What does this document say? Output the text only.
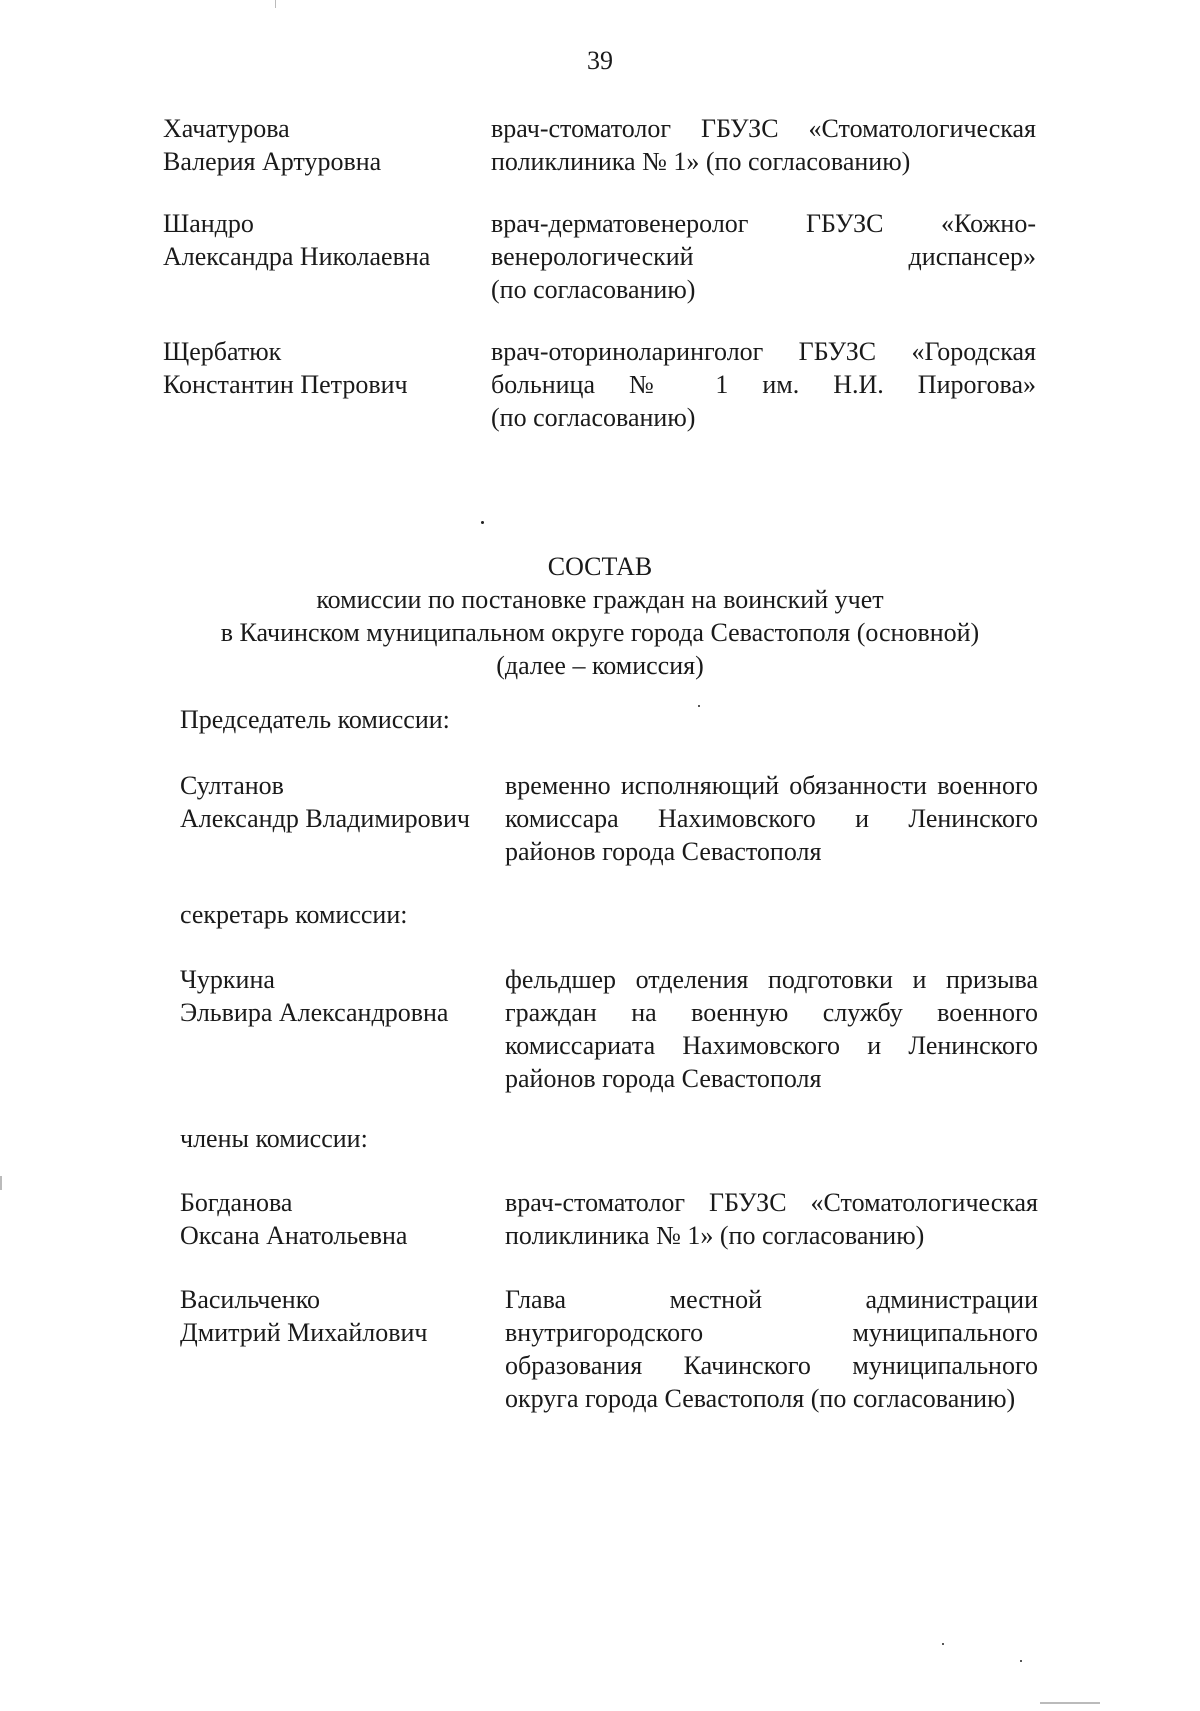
39
Хачатурова
Валерия Артуровна
врач-стоматолог ГБУЗС «Стоматологическая
поликлиника № 1» (по согласованию)
Шандро
Александра Николаевна
врач-дерматовенеролог ГБУЗС «Кожно-
венерологический диспансер»
(по согласованию)
Щербатюк
Константин Петрович
врач-оториноларинголог ГБУЗС «Городская
больница № 1 им. Н.И. Пирогова»
(по согласованию)
СОСТАВ
комиссии по постановке граждан на воинский учет
в Качинском муниципальном округе города Севастополя (основной)
(далее – комиссия)
Председатель комиссии:
Султанов
Александр Владимирович
временно исполняющий обязанности военного
комиссара Нахимовского и Ленинского
районов города Севастополя
секретарь комиссии:
Чуркина
Эльвира Александровна
фельдшер отделения подготовки и призыва
граждан на военную службу военного
комиссариата Нахимовского и Ленинского
районов города Севастополя
члены комиссии:
Богданова
Оксана Анатольевна
врач-стоматолог ГБУЗС «Стоматологическая
поликлиника № 1» (по согласованию)
Васильченко
Дмитрий Михайлович
Глава местной администрации
внутригородского муниципального
образования Качинского муниципального
округа города Севастополя (по согласованию)
